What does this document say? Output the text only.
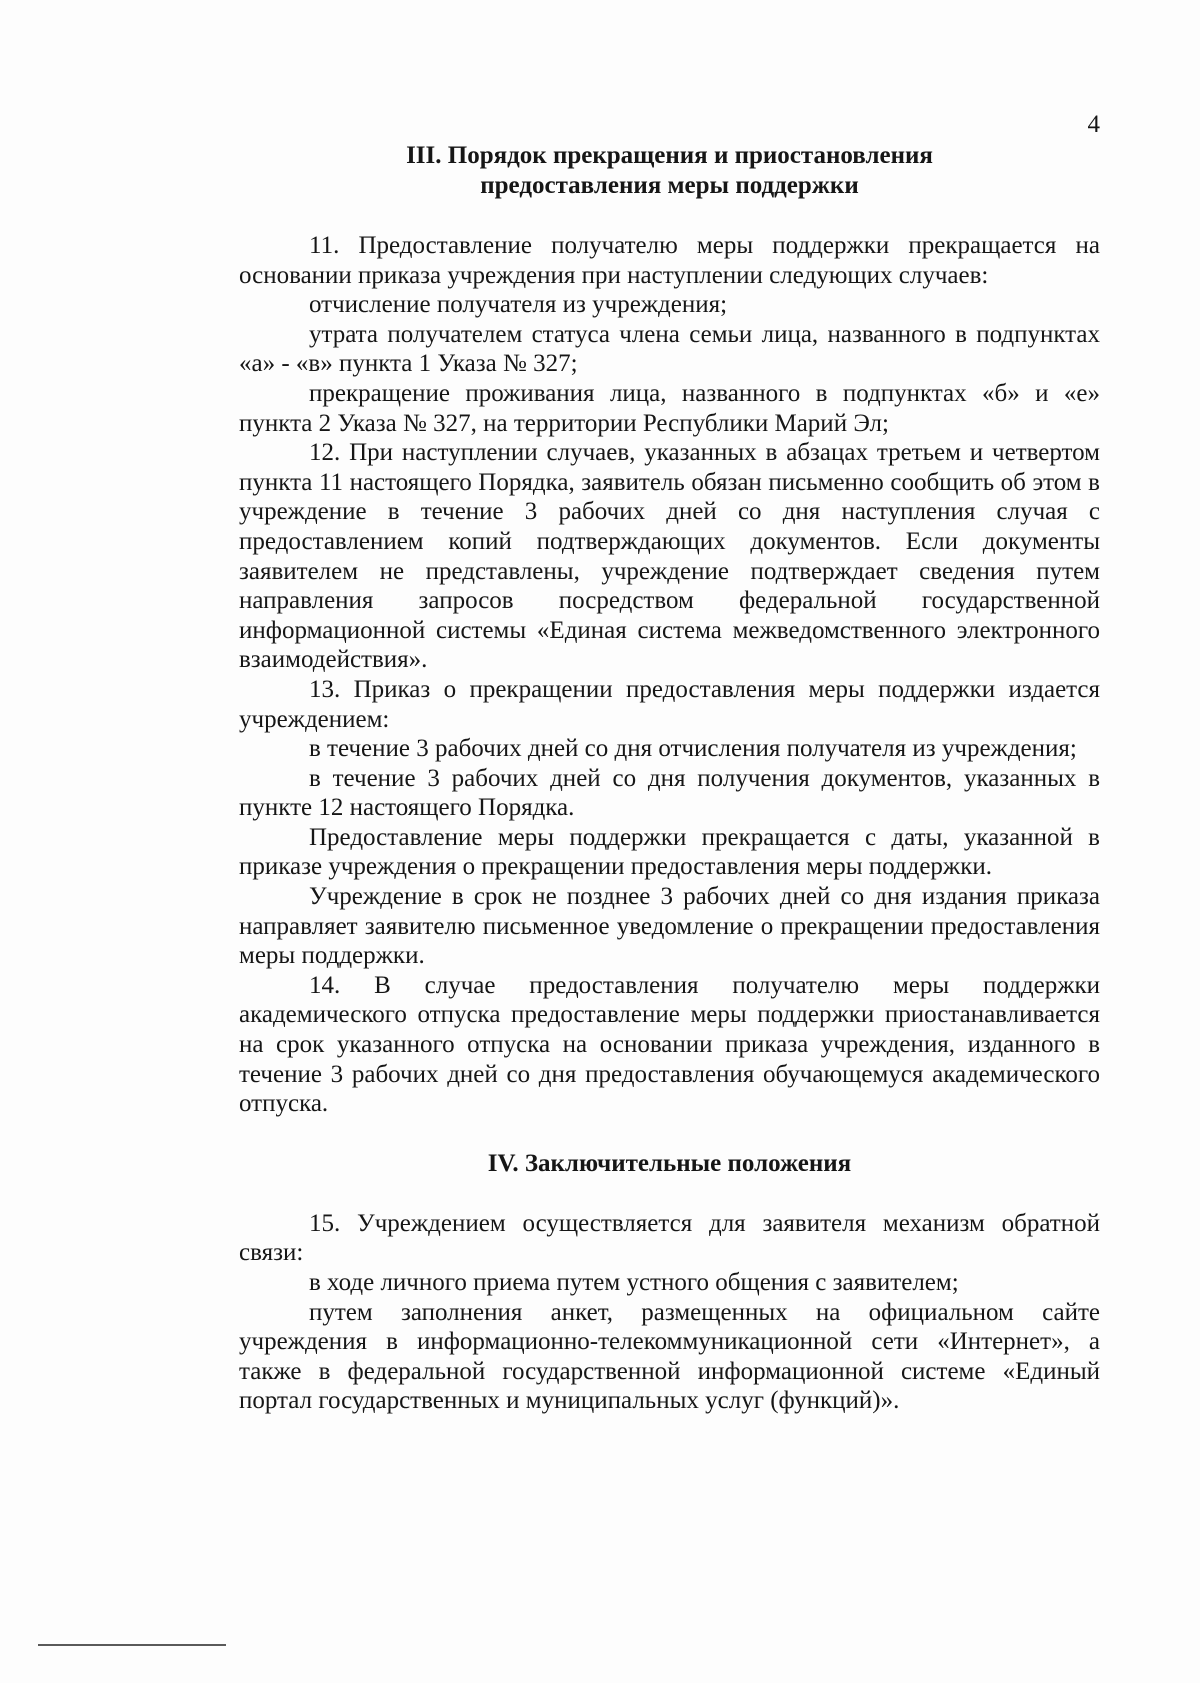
4
III. Порядок прекращения и приостановления
предоставления меры поддержки

11. Предоставление получателю меры поддержки прекращается на основании приказа учреждения при наступлении следующих случаев:

отчисление получателя из учреждения;

утрата получателем статуса члена семьи лица, названного в подпунктах «а» - «в» пункта 1 Указа № 327;

прекращение проживания лица, названного в подпунктах «б» и «е» пункта 2 Указа № 327, на территории Республики Марий Эл;

12. При наступлении случаев, указанных в абзацах третьем и четвертом пункта 11 настоящего Порядка, заявитель обязан письменно сообщить об этом в учреждение в течение 3 рабочих дней со дня наступления случая с предоставлением копий подтверждающих документов. Если документы заявителем не представлены, учреждение подтверждает сведения путем направления запросов посредством федеральной государственной информационной системы «Единая система межведомственного электронного взаимодействия».

13. Приказ о прекращении предоставления меры поддержки издается учреждением:

в течение 3 рабочих дней со дня отчисления получателя из учреждения;

в течение 3 рабочих дней со дня получения документов, указанных в пункте 12 настоящего Порядка.

Предоставление меры поддержки прекращается с даты, указанной в приказе учреждения о прекращении предоставления меры поддержки.

Учреждение в срок не позднее 3 рабочих дней со дня издания приказа направляет заявителю письменное уведомление о прекращении предоставления меры поддержки.

14. В случае предоставления получателю меры поддержки академического отпуска предоставление меры поддержки приостанавливается на срок указанного отпуска на основании приказа учреждения, изданного в течение 3 рабочих дней со дня предоставления обучающемуся академического отпуска.

IV. Заключительные положения

15. Учреждением осуществляется для заявителя механизм обратной связи:

в ходе личного приема путем устного общения с заявителем;

путем заполнения анкет, размещенных на официальном сайте учреждения в информационно-телекоммуникационной сети «Интернет», а также в федеральной государственной информационной системе «Единый портал государственных и муниципальных услуг (функций)».
